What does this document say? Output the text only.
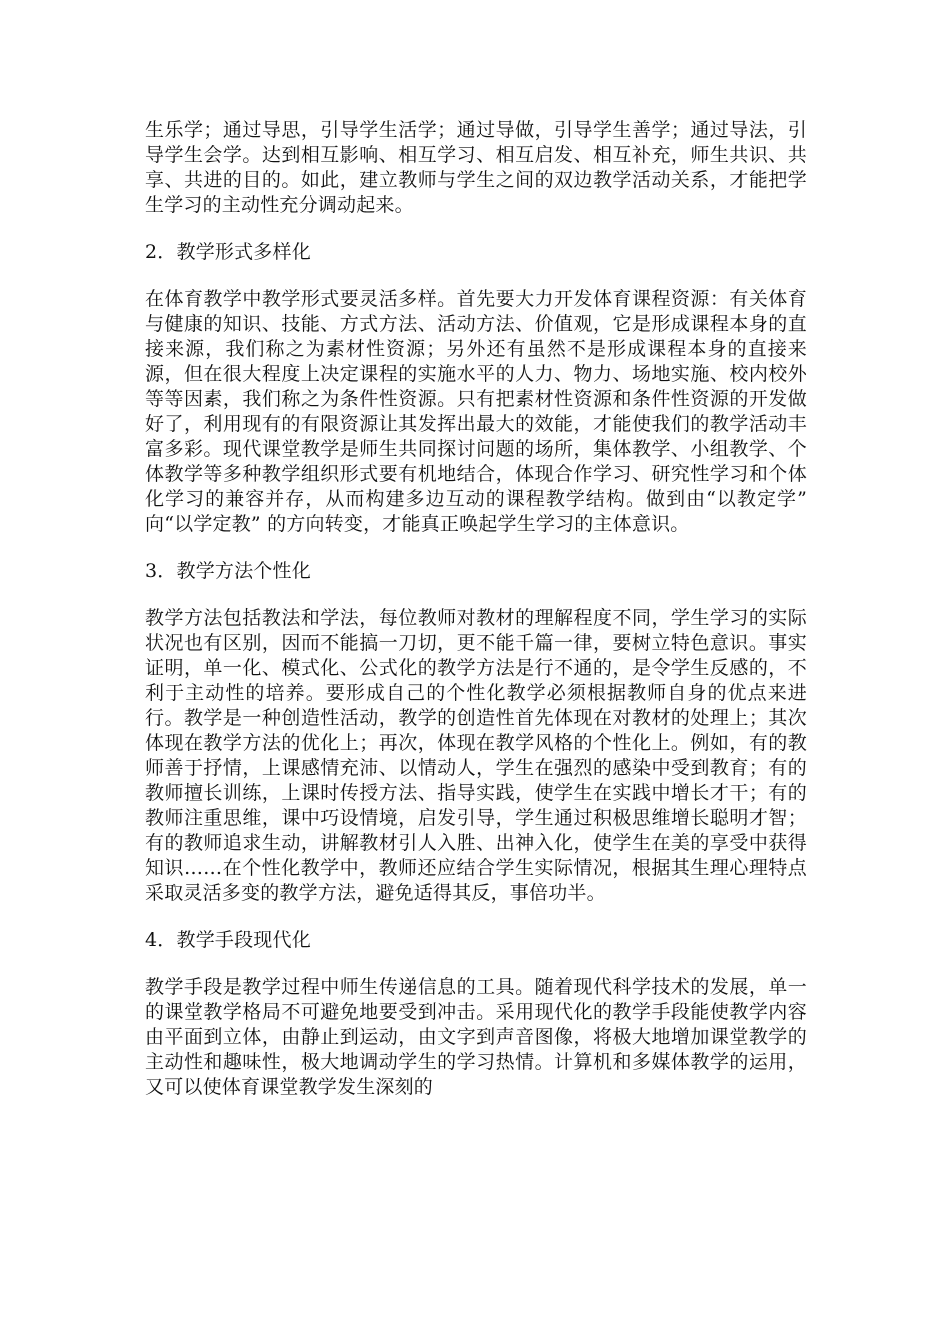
生乐学；通过导思，引导学生活学；通过导做，引导学生善学；通过导法，引导学生会学。达到相互影响、相互学习、相互启发、相互补充，师生共识、共享、共进的目的。如此，建立教师与学生之间的双边教学活动关系，才能把学生学习的主动性充分调动起来。

2．教学形式多样化

在体育教学中教学形式要灵活多样。首先要大力开发体育课程资源：有关体育与健康的知识、技能、方式方法、活动方法、价值观，它是形成课程本身的直接来源，我们称之为素材性资源；另外还有虽然不是形成课程本身的直接来源，但在很大程度上决定课程的实施水平的人力、物力、场地实施、校内校外等等因素，我们称之为条件性资源。只有把素材性资源和条件性资源的开发做好了，利用现有的有限资源让其发挥出最大的效能，才能使我们的教学活动丰富多彩。现代课堂教学是师生共同探讨问题的场所，集体教学、小组教学、个体教学等多种教学组织形式要有机地结合，体现合作学习、研究性学习和个体化学习的兼容并存，从而构建多边互动的课程教学结构。做到由“以教定学” 向“以学定教” 的方向转变，才能真正唤起学生学习的主体意识。

3．教学方法个性化

教学方法包括教法和学法，每位教师对教材的理解程度不同，学生学习的实际状况也有区别，因而不能搞一刀切，更不能千篇一律，要树立特色意识。事实证明，单一化、模式化、公式化的教学方法是行不通的，是令学生反感的，不利于主动性的培养。要形成自己的个性化教学必须根据教师自身的优点来进行。教学是一种创造性活动，教学的创造性首先体现在对教材的处理上；其次体现在教学方法的优化上；再次，体现在教学风格的个性化上。例如，有的教师善于抒情，上课感情充沛、以情动人，学生在强烈的感染中受到教育；有的教师擅长训练，上课时传授方法、指导实践，使学生在实践中增长才干；有的教师注重思维，课中巧设情境，启发引导，学生通过积极思维增长聪明才智；有的教师追求生动，讲解教材引人入胜、出神入化，使学生在美的享受中获得知识……在个性化教学中，教师还应结合学生实际情况，根据其生理心理特点采取灵活多变的教学方法，避免适得其反，事倍功半。

4．教学手段现代化

教学手段是教学过程中师生传递信息的工具。随着现代科学技术的发展，单一的课堂教学格局不可避免地要受到冲击。采用现代化的教学手段能使教学内容由平面到立体，由静止到运动，由文字到声音图像，将极大地增加课堂教学的主动性和趣味性，极大地调动学生的学习热情。计算机和多媒体教学的运用，又可以使体育课堂教学发生深刻的
